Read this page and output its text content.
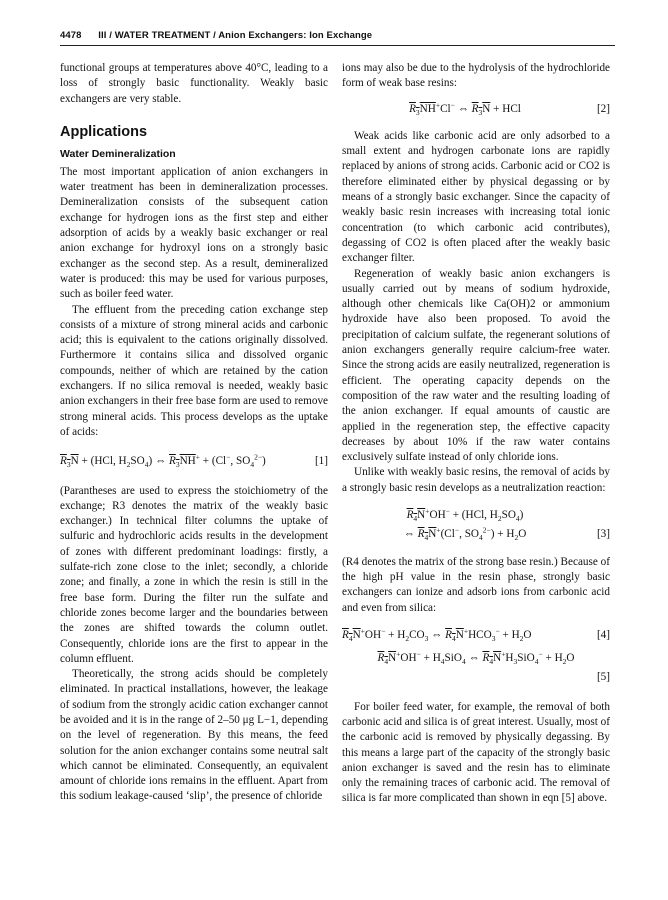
4478 III / WATER TREATMENT / Anion Exchangers: Ion Exchange

functional groups at temperatures above 40°C, leading to a loss of strongly basic functionality. Weakly basic exchangers are very stable.

Applications
Water Demineralization

The most important application of anion exchangers in water treatment has been in demineralization processes. Demineralization consists of the subsequent cation exchange for hydrogen ions as the first step and either adsorption of acids by a weakly basic exchanger or real anion exchange for hydroxyl ions on a strongly basic exchanger as the second step. As a result, demineralized water is produced: this may be used for various purposes, such as boiler feed water.

The effluent from the preceding cation exchange step consists of a mixture of strong mineral acids and carbonic acid; this is equivalent to the cations originally dissolved. Furthermore it contains silica and dissolved organic compounds, neither of which are retained by the cation exchangers. If no silica removal is needed, weakly basic anion exchangers in their free base form are used to remove strong mineral acids. This process develops as the uptake of acids:

$R_3N + (HCl$, $H_2SO_4$) ⇔ $R_3NH^+ + (Cl^-$, $SO_4^{2-}$)	[1]

(Parantheses are used to express the stoichiometry of the exchange; R3 denotes the matrix of the weakly basic exchanger.) In technical filter columns the uptake of sulfuric and hydrochloric acids results in the development of zones with different predominant loadings: firstly, a sulfate-rich zone close to the inlet; secondly, a chloride zone; and finally, a zone in which the resin is still in the free base form. During the filter run the sulfate and chloride zones become larger and the boundaries between the zones are shifted towards the column outlet. Consequently, chloride ions are the first to appear in the column effluent.

Theoretically, the strong acids should be completely eliminated. In practical installations, however, the leakage of sodium from the strongly acidic cation exchanger cannot be avoided and it is in the range of 2–50 μg L−1, depending on the level of regeneration. By this means, the feed solution for the anion exchanger contains some neutral salt which cannot be eliminated. Consequently, an equivalent amount of chloride ions remains in the effluent. Apart from this sodium leakage-caused ‘slip’, the presence of chloride

ions may also be due to the hydrolysis of the hydrochloride form of weak base resins:

$R_3NH^+Cl^-$ ⇔ $R_3N$ + HCl	[2]

Weak acids like carbonic acid are only adsorbed to a small extent and hydrogen carbonate ions are rapidly replaced by anions of strong acids. Carbonic acid or CO2 is therefore eliminated either by physical degassing or by means of a strongly basic exchanger. Since the capacity of weakly basic resin increases with increasing total ionic concentration (to which carbonic acid contributes), degassing of CO2 is often placed after the weakly basic exchanger filter.

Regeneration of weakly basic anion exchangers is usually carried out by means of sodium hydroxide, although other chemicals like Ca(OH)2 or ammonium hydroxide have also been proposed. To avoid the precipitation of calcium sulfate, the regenerant solutions of anion exchangers generally require calcium-free water. Since the strong acids are easily neutralized, regeneration is efficient. The operating capacity depends on the composition of the raw water and the resulting loading of the anion exchanger. If equal amounts of caustic are applied in the regeneration step, the effective capacity decreases by about 10% if the raw water contains exclusively sulfate instead of only chloride ions.

Unlike with weakly basic resins, the removal of acids by a strongly basic resin develops as a neutralization reaction:

$R_4N^+OH^- + (HCl$, $H_2SO_4$)
⇔ $R_4N^+(Cl^-$, $SO_4^{2-}) + H_2O$	[3]

(R4 denotes the matrix of the strong base resin.) Because of the high pH value in the resin phase, strongly basic exchangers can ionize and adsorb ions from carbonic acid and even from silica:

$R_4N^+OH^- + H_2CO_3$ ⇔ $R_4N^+HCO_3^- + H_2O$	[4]
$R_4N^+OH^- + H_4SiO_4$ ⇔ $R_4N^+H_3SiO_4^- + H_2O$
[5]

For boiler feed water, for example, the removal of both carbonic acid and silica is of great interest. Usually, most of the carbonic acid is removed by physically degassing. By this means a large part of the capacity of the strongly basic anion exchanger is saved and the resin has to eliminate only the remaining traces of carbonic acid. The removal of silica is far more complicated than shown in eqn [5] above.
